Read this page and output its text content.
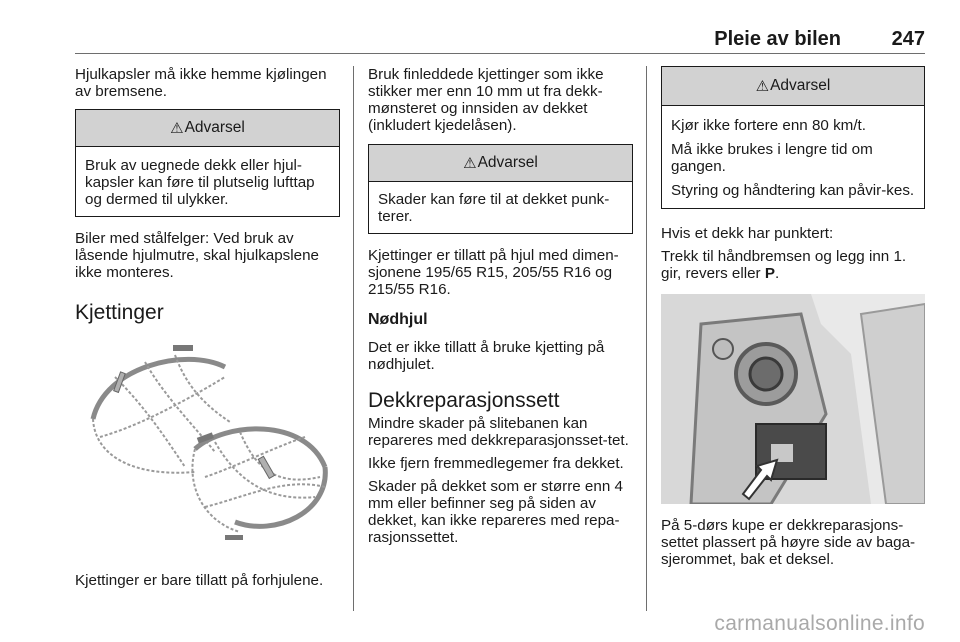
Pleie av bilen	247

Hjulkapsler må ikke hemme kjølingen av bremsene.

⚠ Advarsel

Bruk av uegnede dekk eller hjul-kapsler kan føre til plutselig lufttap og dermed til ulykker.

Biler med stålfelger: Ved bruk av låsende hjulmutre, skal hjulkapslene ikke monteres.

Kjettinger

Kjettinger er bare tillatt på forhjulene.

Bruk finleddede kjettinger som ikke stikker mer enn 10 mm ut fra dekk-mønsteret og innsiden av dekket (inkludert kjedelåsen).

⚠ Advarsel

Skader kan føre til at dekket punk-terer.

Kjettinger er tillatt på hjul med dimen-sjonene 195/65 R15, 205/55 R16 og 215/55 R16.

Nødhjul

Det er ikke tillatt å bruke kjetting på nødhjulet.

Dekkreparasjonssett

Mindre skader på slitebanen kan repareres med dekkreparasjonsset-tet.

Ikke fjern fremmedlegemer fra dekket.

Skader på dekket som er større enn 4 mm eller befinner seg på siden av dekket, kan ikke repareres med repa-rasjonssettet.

⚠ Advarsel

Kjør ikke fortere enn 80 km/t.

Må ikke brukes i lengre tid om gangen.

Styring og håndtering kan påvir-kes.

Hvis et dekk har punktert:

Trekk til håndbremsen og legg inn 1. gir, revers eller P.

På 5-dørs kupe er dekkreparasjons-settet plassert på høyre side av baga-sjerommet, bak et deksel.

carmanualsonline.info
